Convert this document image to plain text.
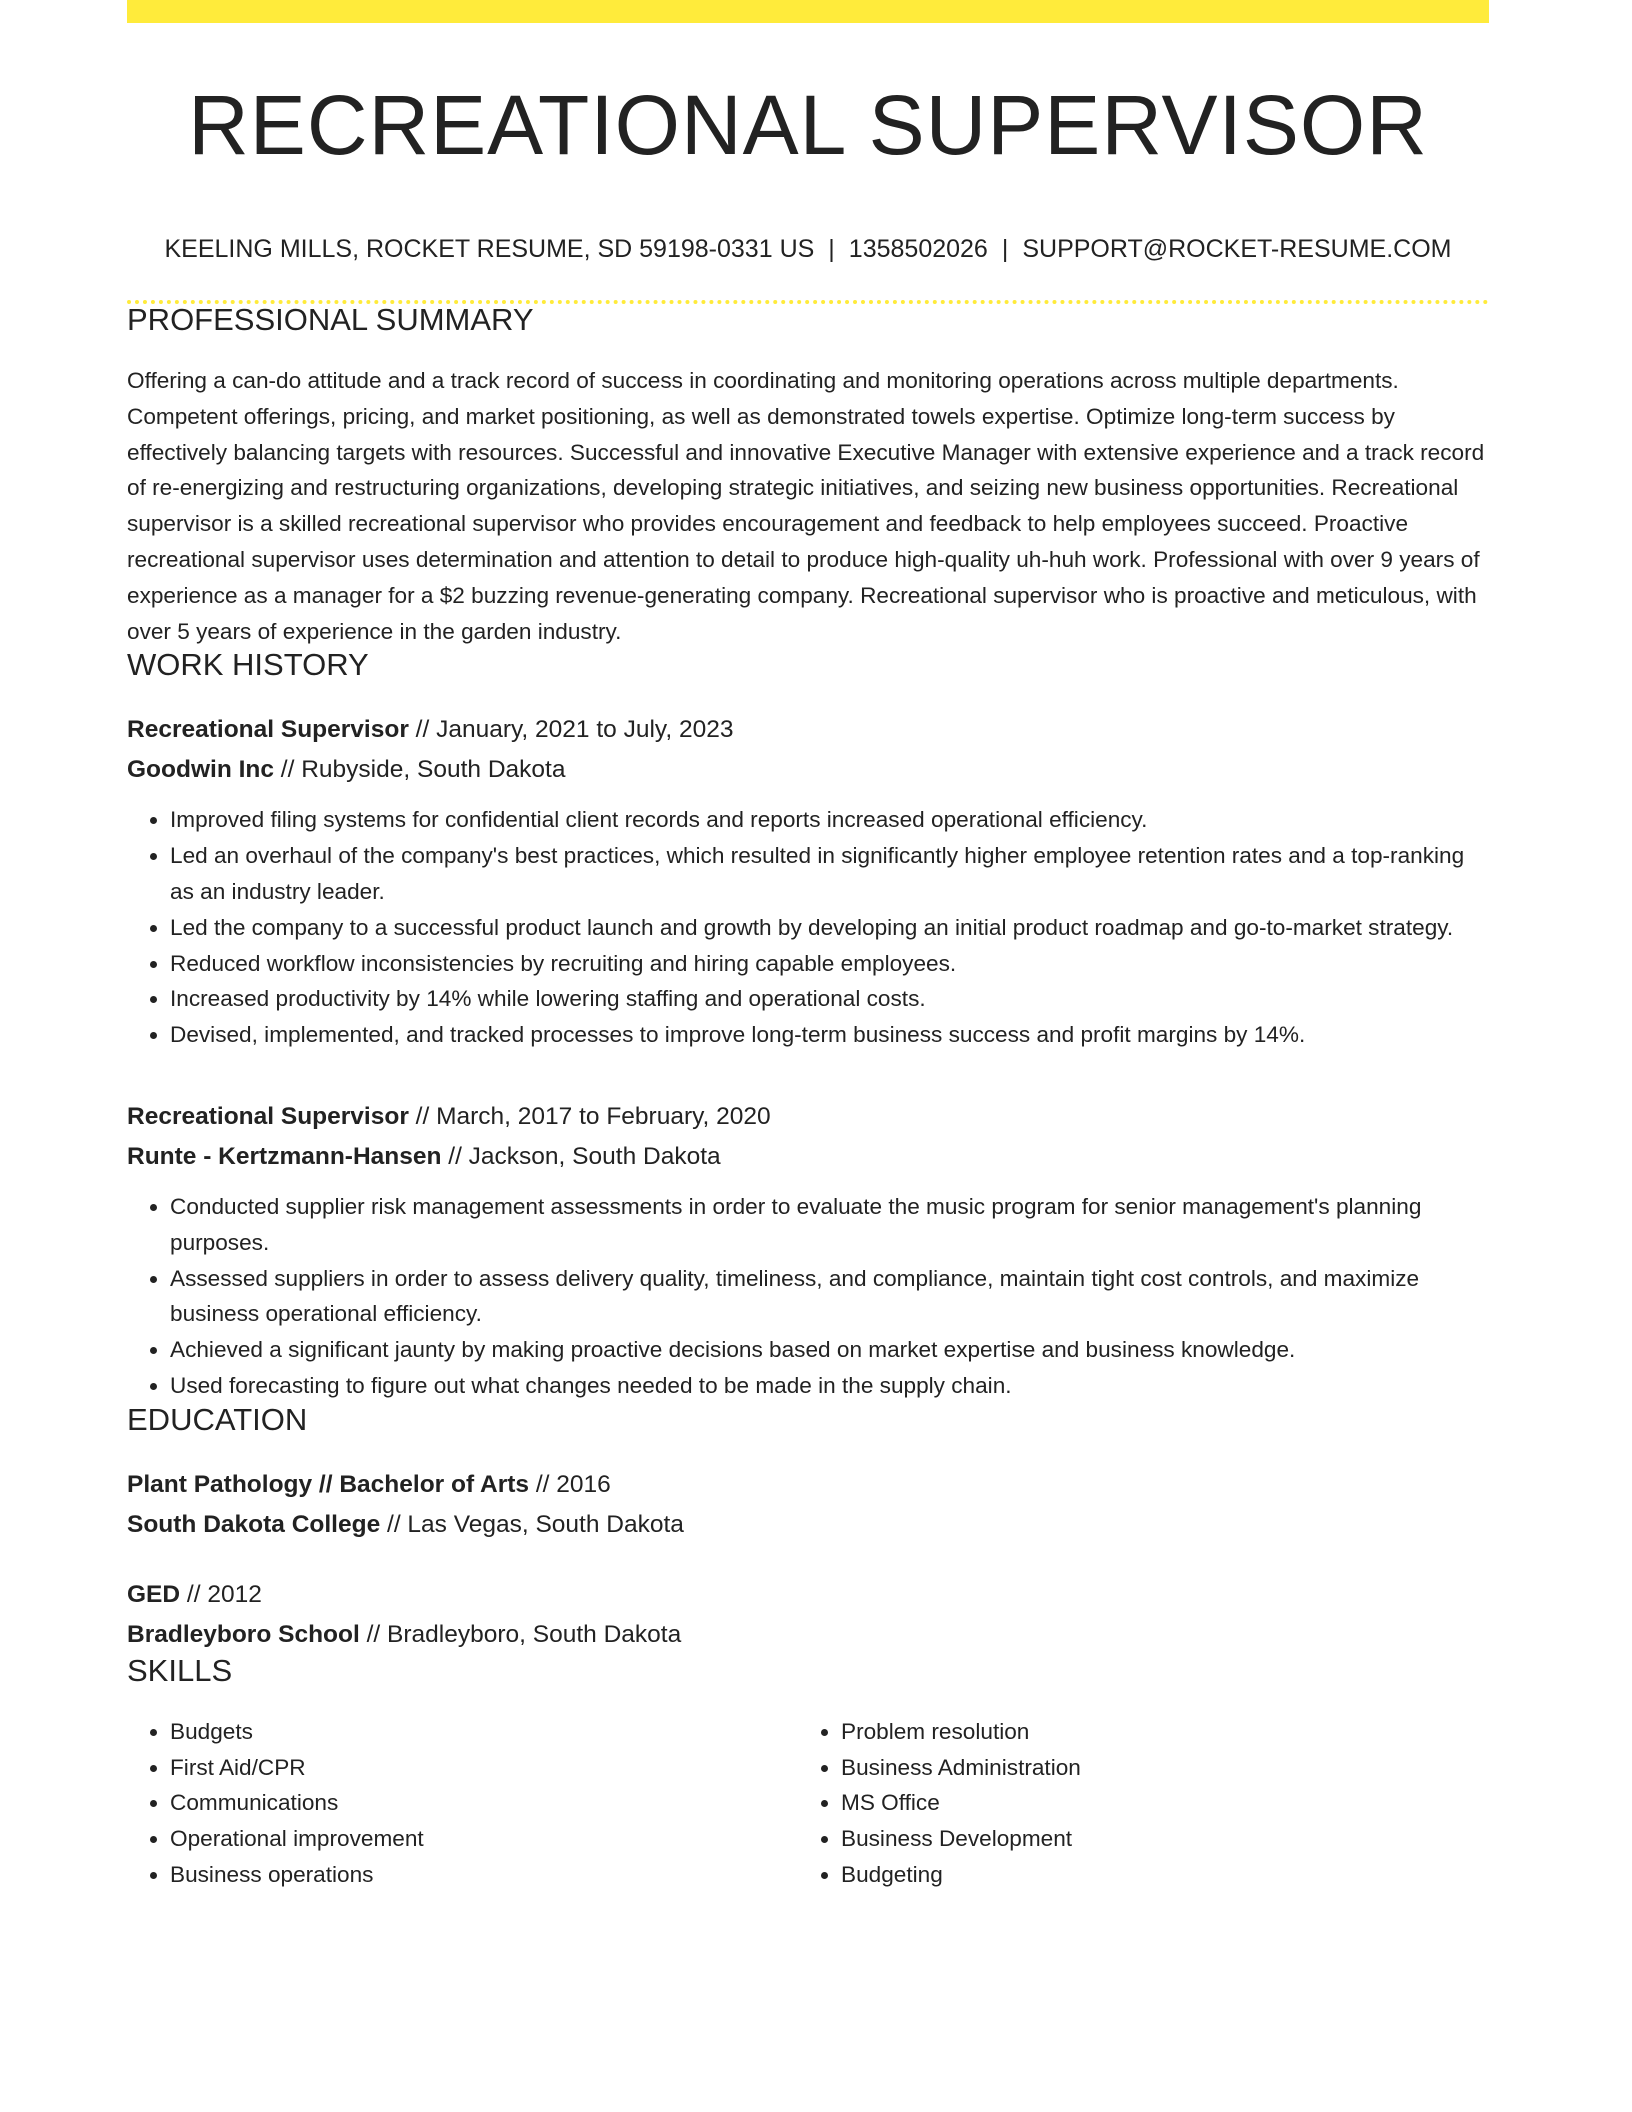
RECREATIONAL SUPERVISOR
KEELING MILLS, ROCKET RESUME, SD 59198-0331 US | 1358502026 | SUPPORT@ROCKET-RESUME.COM
PROFESSIONAL SUMMARY
Offering a can-do attitude and a track record of success in coordinating and monitoring operations across multiple departments. Competent offerings, pricing, and market positioning, as well as demonstrated towels expertise. Optimize long-term success by effectively balancing targets with resources. Successful and innovative Executive Manager with extensive experience and a track record of re-energizing and restructuring organizations, developing strategic initiatives, and seizing new business opportunities. Recreational supervisor is a skilled recreational supervisor who provides encouragement and feedback to help employees succeed. Proactive recreational supervisor uses determination and attention to detail to produce high-quality uh-huh work. Professional with over 9 years of experience as a manager for a $2 buzzing revenue-generating company. Recreational supervisor who is proactive and meticulous, with over 5 years of experience in the garden industry.
WORK HISTORY
Recreational Supervisor // January, 2021 to July, 2023
Goodwin Inc // Rubyside, South Dakota
• Improved filing systems for confidential client records and reports increased operational efficiency.
• Led an overhaul of the company's best practices, which resulted in significantly higher employee retention rates and a top-ranking as an industry leader.
• Led the company to a successful product launch and growth by developing an initial product roadmap and go-to-market strategy.
• Reduced workflow inconsistencies by recruiting and hiring capable employees.
• Increased productivity by 14% while lowering staffing and operational costs.
• Devised, implemented, and tracked processes to improve long-term business success and profit margins by 14%.
Recreational Supervisor // March, 2017 to February, 2020
Runte - Kertzmann-Hansen // Jackson, South Dakota
• Conducted supplier risk management assessments in order to evaluate the music program for senior management's planning purposes.
• Assessed suppliers in order to assess delivery quality, timeliness, and compliance, maintain tight cost controls, and maximize business operational efficiency.
• Achieved a significant jaunty by making proactive decisions based on market expertise and business knowledge.
• Used forecasting to figure out what changes needed to be made in the supply chain.
EDUCATION
Plant Pathology // Bachelor of Arts // 2016
South Dakota College // Las Vegas, South Dakota
GED // 2012
Bradleyboro School // Bradleyboro, South Dakota
SKILLS
• Budgets
• First Aid/CPR
• Communications
• Operational improvement
• Business operations
• Problem resolution
• Business Administration
• MS Office
• Business Development
• Budgeting
